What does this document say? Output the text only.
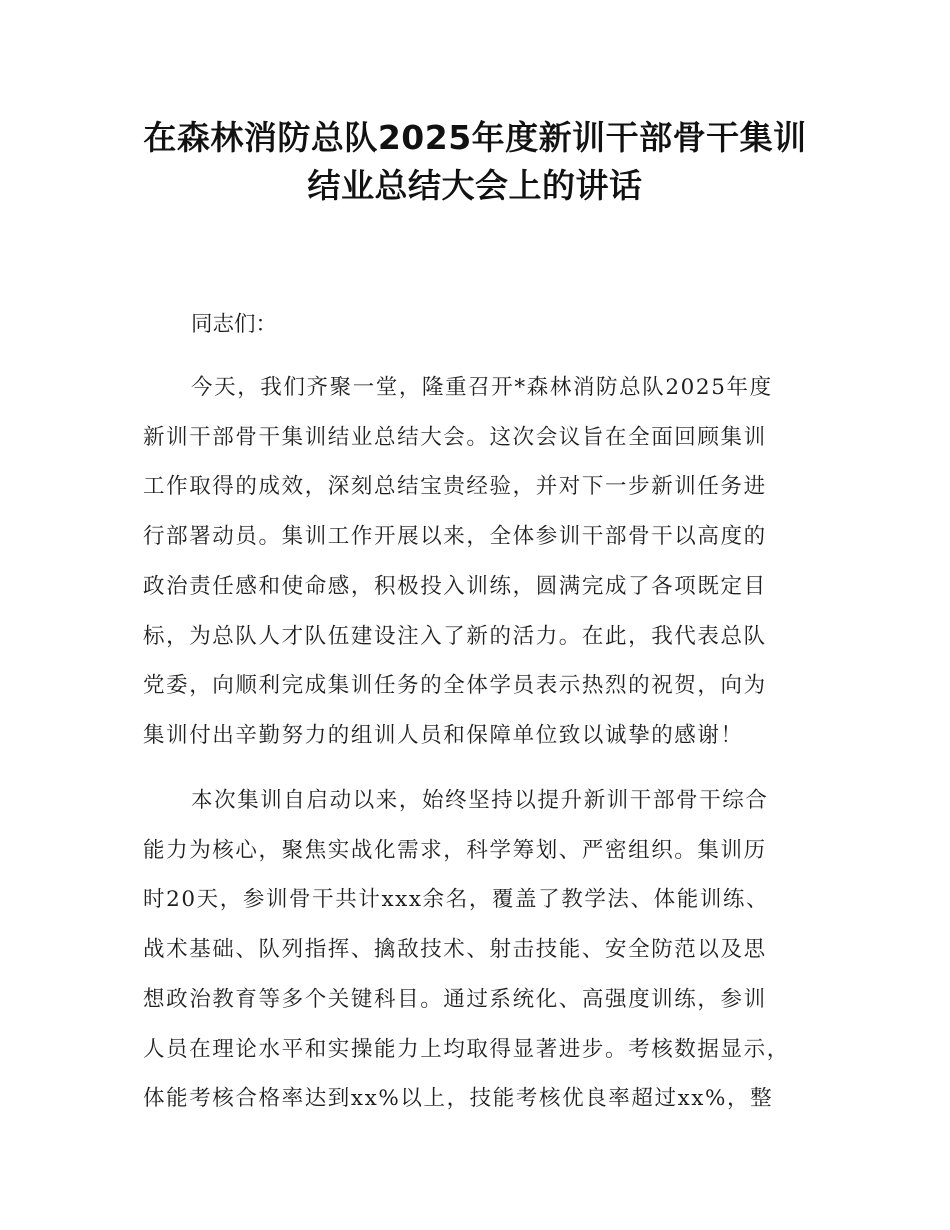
在森林消防总队2025年度新训干部骨干集训
结业总结大会上的讲话
同志们：
今天，我们齐聚一堂，隆重召开*森林消防总队2025年度
新训干部骨干集训结业总结大会。这次会议旨在全面回顾集训
工作取得的成效，深刻总结宝贵经验，并对下一步新训任务进
行部署动员。集训工作开展以来，全体参训干部骨干以高度的
政治责任感和使命感，积极投入训练，圆满完成了各项既定目
标，为总队人才队伍建设注入了新的活力。在此，我代表总队
党委，向顺利完成集训任务的全体学员表示热烈的祝贺，向为
集训付出辛勤努力的组训人员和保障单位致以诚挚的感谢！
本次集训自启动以来，始终坚持以提升新训干部骨干综合
能力为核心，聚焦实战化需求，科学筹划、严密组织。集训历
时20天，参训骨干共计xxx余名，覆盖了教学法、体能训练、
战术基础、队列指挥、擒敌技术、射击技能、安全防范以及思
想政治教育等多个关键科目。通过系统化、高强度训练，参训
人员在理论水平和实操能力上均取得显著进步。考核数据显示，
体能考核合格率达到xx%以上，技能考核优良率超过xx%，整
